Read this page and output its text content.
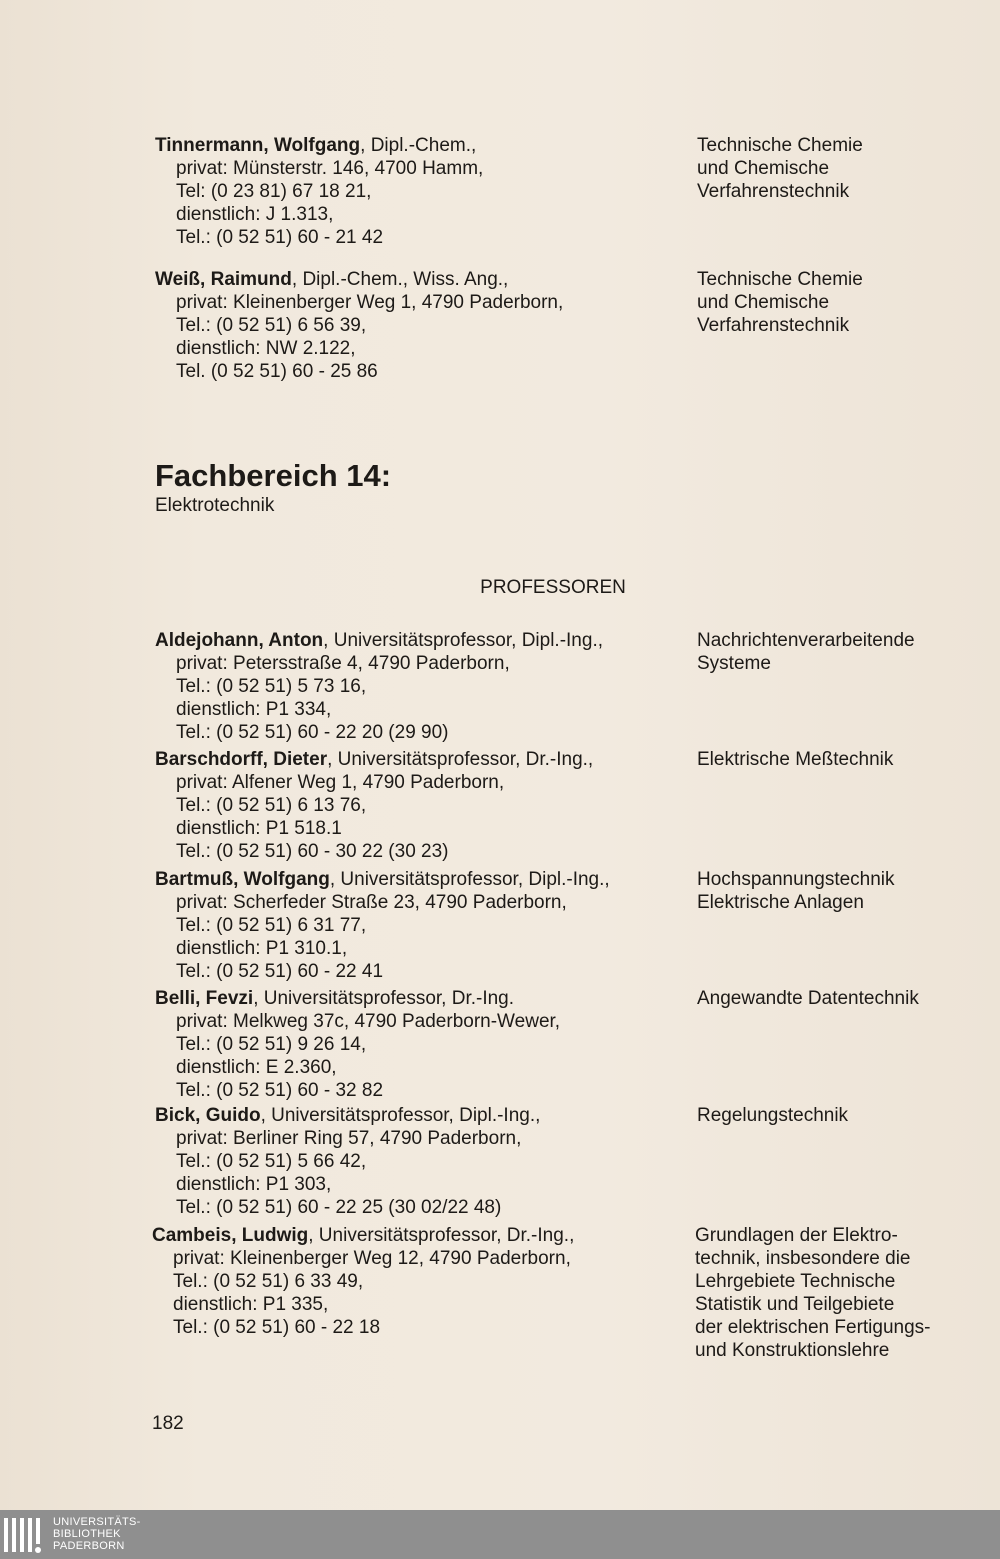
Tinnermann, Wolfgang, Dipl.-Chem.,
privat: Münsterstr. 146, 4700 Hamm,
Tel: (0 23 81) 67 18 21,
dienstlich: J 1.313,
Tel.: (0 52 51) 60 - 21 42
Technische Chemie
und Chemische
Verfahrenstechnik
Weiß, Raimund, Dipl.-Chem., Wiss. Ang.,
privat: Kleinenberger Weg 1, 4790 Paderborn,
Tel.: (0 52 51) 6 56 39,
dienstlich: NW 2.122,
Tel. (0 52 51) 60 - 25 86
Technische Chemie
und Chemische
Verfahrenstechnik
Fachbereich 14:
Elektrotechnik
PROFESSOREN
Aldejohann, Anton, Universitätsprofessor, Dipl.-Ing.,
privat: Petersstraße 4, 4790 Paderborn,
Tel.: (0 52 51) 5 73 16,
dienstlich: P1 334,
Tel.: (0 52 51) 60 - 22 20 (29 90)
Nachrichtenverarbeitende
Systeme
Barschdorff, Dieter, Universitätsprofessor, Dr.-Ing.,
privat: Alfener Weg 1, 4790 Paderborn,
Tel.: (0 52 51) 6 13 76,
dienstlich: P1 518.1
Tel.: (0 52 51) 60 - 30 22 (30 23)
Elektrische Meßtechnik
Bartmuß, Wolfgang, Universitätsprofessor, Dipl.-Ing.,
privat: Scherfeder Straße 23, 4790 Paderborn,
Tel.: (0 52 51) 6 31 77,
dienstlich: P1 310.1,
Tel.: (0 52 51) 60 - 22 41
Hochspannungstechnik
Elektrische Anlagen
Belli, Fevzi, Universitätsprofessor, Dr.-Ing.
privat: Melkweg 37c, 4790 Paderborn-Wewer,
Tel.: (0 52 51) 9 26 14,
dienstlich: E 2.360,
Tel.: (0 52 51) 60 - 32 82
Angewandte Datentechnik
Bick, Guido, Universitätsprofessor, Dipl.-Ing.,
privat: Berliner Ring 57, 4790 Paderborn,
Tel.: (0 52 51) 5 66 42,
dienstlich: P1 303,
Tel.: (0 52 51) 60 - 22 25 (30 02/22 48)
Regelungstechnik
Cambeis, Ludwig, Universitätsprofessor, Dr.-Ing.,
privat: Kleinenberger Weg 12, 4790 Paderborn,
Tel.: (0 52 51) 6 33 49,
dienstlich: P1 335,
Tel.: (0 52 51) 60 - 22 18
Grundlagen der Elektro-
technik, insbesondere die
Lehrgebiete Technische
Statistik und Teilgebiete
der elektrischen Fertigungs-
und Konstruktionslehre
182
UNIVERSITÄTS-
BIBLIOTHEK
PADERBORN
